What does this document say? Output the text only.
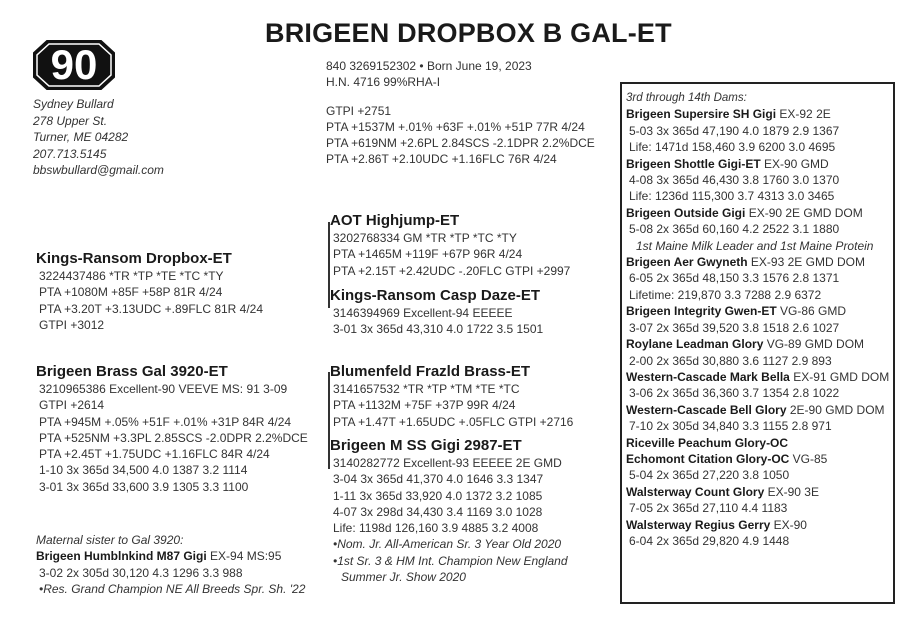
BRIGEEN DROPBOX B GAL-ET
90
Sydney Bullard
278 Upper St.
Turner, ME 04282
207.713.5145
bbswbullard@gmail.com
840 3269152302 • Born June 19, 2023
H.N. 4716 99%RHA-I
GTPI +2751
PTA +1537M +.01% +63F +.01% +51P 77R 4/24
PTA +619NM +2.6PL 2.84SCS -2.1DPR 2.2%DCE
PTA +2.86T +2.10UDC +1.16FLC 76R 4/24
Kings-Ransom Dropbox-ET
3224437486 *TR *TP *TE *TC *TY
PTA +1080M +85F +58P 81R 4/24
PTA +3.20T +3.13UDC +.89FLC 81R 4/24
GTPI +3012
Brigeen Brass Gal 3920-ET
3210965386 Excellent-90 VEEVE MS: 91 3-09
GTPI +2614
PTA +945M +.05% +51F +.01% +31P 84R 4/24
PTA +525NM +3.3PL 2.85SCS -2.0DPR 2.2%DCE
PTA +2.45T +1.75UDC +1.16FLC 84R 4/24
1-10 3x 365d 34,500 4.0 1387 3.2 1114
3-01 3x 365d 33,600 3.9 1305 3.3 1100
Maternal sister to Gal 3920:
Brigeen Humblnkind M87 Gigi EX-94 MS:95
3-02 2x 305d 30,120 4.3 1296 3.3 988
•Res. Grand Champion NE All Breeds Spr. Sh. '22
AOT Highjump-ET
3202768334 GM *TR *TP *TC *TY
PTA +1465M +119F +67P 96R 4/24
PTA +2.15T +2.42UDC -.20FLC GTPI +2997
Kings-Ransom Casp Daze-ET
3146394969 Excellent-94 EEEEE
3-01 3x 365d 43,310 4.0 1722 3.5 1501
Blumenfeld Frazld Brass-ET
3141657532 *TR *TP *TM *TE *TC
PTA +1132M +75F +37P 99R 4/24
PTA +1.47T +1.65UDC +.05FLC GTPI +2716
Brigeen M SS Gigi 2987-ET
3140282772 Excellent-93 EEEEE 2E GMD
3-04 3x 365d 41,370 4.0 1646 3.3 1347
1-11 3x 365d 33,920 4.0 1372 3.2 1085
4-07 3x 298d 34,430 3.4 1169 3.0 1028
Life: 1198d 126,160 3.9 4885 3.2 4008
•Nom. Jr. All-American Sr. 3 Year Old 2020
•1st Sr. 3 & HM Int. Champion New England
Summer Jr. Show 2020
3rd through 14th Dams:
Brigeen Supersire SH Gigi EX-92 2E
5-03 3x 365d 47,190 4.0 1879 2.9 1367
Life: 1471d 158,460 3.9 6200 3.0 4695
Brigeen Shottle Gigi-ET EX-90 GMD
4-08 3x 365d 46,430 3.8 1760 3.0 1370
Life: 1236d 115,300 3.7 4313 3.0 3465
Brigeen Outside Gigi EX-90 2E GMD DOM
5-08 2x 365d 60,160 4.2 2522 3.1 1880
1st Maine Milk Leader and 1st Maine Protein
Brigeen Aer Gwyneth EX-93 2E GMD DOM
6-05 2x 365d 48,150 3.3 1576 2.8 1371
Lifetime: 219,870 3.3 7288 2.9 6372
Brigeen Integrity Gwen-ET VG-86 GMD
3-07 2x 365d 39,520 3.8 1518 2.6 1027
Roylane Leadman Glory VG-89 GMD DOM
2-00 2x 365d 30,880 3.6 1127 2.9 893
Western-Cascade Mark Bella EX-91 GMD DOM
3-06 2x 365d 36,360 3.7 1354 2.8 1022
Western-Cascade Bell Glory 2E-90 GMD DOM
7-10 2x 305d 34,840 3.3 1155 2.8 971
Riceville Peachum Glory-OC
Echomont Citation Glory-OC VG-85
5-04 2x 365d 27,220 3.8 1050
Walsterway Count Glory EX-90 3E
7-05 2x 365d 27,110 4.4 1183
Walsterway Regius Gerry EX-90
6-04 2x 365d 29,820 4.9 1448
